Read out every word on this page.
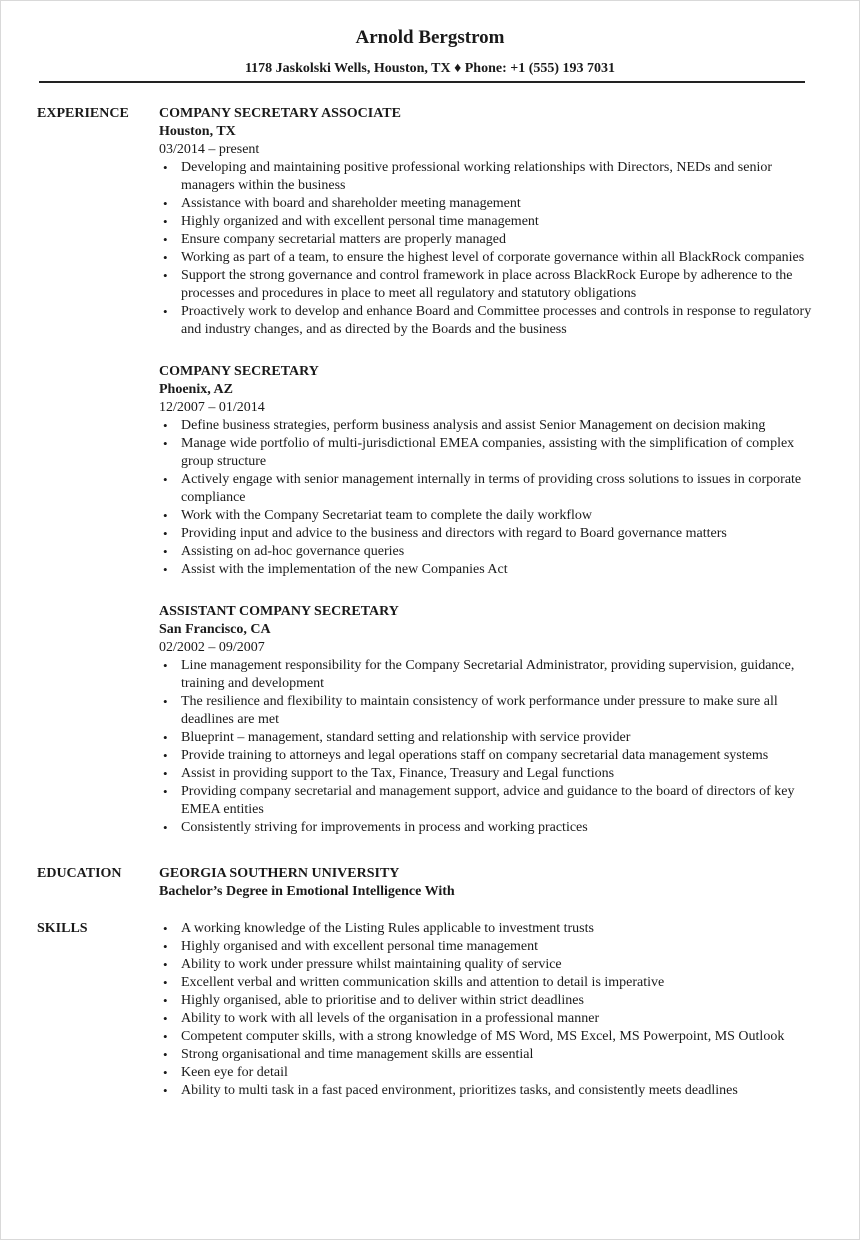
Arnold Bergstrom
1178 Jaskolski Wells, Houston, TX ♦ Phone: +1 (555) 193 7031
EXPERIENCE COMPANY SECRETARY ASSOCIATE
Houston, TX
03/2014 – present
• Developing and maintaining positive professional working relationships with Directors, NEDs and senior managers within the business
• Assistance with board and shareholder meeting management
• Highly organized and with excellent personal time management
• Ensure company secretarial matters are properly managed
• Working as part of a team, to ensure the highest level of corporate governance within all BlackRock companies
• Support the strong governance and control framework in place across BlackRock Europe by adherence to the processes and procedures in place to meet all regulatory and statutory obligations
• Proactively work to develop and enhance Board and Committee processes and controls in response to regulatory and industry changes, and as directed by the Boards and the business
COMPANY SECRETARY
Phoenix, AZ
12/2007 – 01/2014
• Define business strategies, perform business analysis and assist Senior Management on decision making
• Manage wide portfolio of multi-jurisdictional EMEA companies, assisting with the simplification of complex group structure
• Actively engage with senior management internally in terms of providing cross solutions to issues in corporate compliance
• Work with the Company Secretariat team to complete the daily workflow
• Providing input and advice to the business and directors with regard to Board governance matters
• Assisting on ad-hoc governance queries
• Assist with the implementation of the new Companies Act
ASSISTANT COMPANY SECRETARY
San Francisco, CA
02/2002 – 09/2007
• Line management responsibility for the Company Secretarial Administrator, providing supervision, guidance, training and development
• The resilience and flexibility to maintain consistency of work performance under pressure to make sure all deadlines are met
• Blueprint – management, standard setting and relationship with service provider
• Provide training to attorneys and legal operations staff on company secretarial data management systems
• Assist in providing support to the Tax, Finance, Treasury and Legal functions
• Providing company secretarial and management support, advice and guidance to the board of directors of key EMEA entities
• Consistently striving for improvements in process and working practices
EDUCATION	GEORGIA SOUTHERN UNIVERSITY
Bachelor’s Degree in Emotional Intelligence With
SKILLS
•	A working knowledge of the Listing Rules applicable to investment trusts
• Highly organised and with excellent personal time management
• Ability to work under pressure whilst maintaining quality of service
• Excellent verbal and written communication skills and attention to detail is imperative
• Highly organised, able to prioritise and to deliver within strict deadlines
• Ability to work with all levels of the organisation in a professional manner
• Competent computer skills, with a strong knowledge of MS Word, MS Excel, MS Powerpoint, MS Outlook
• Strong organisational and time management skills are essential
• Keen eye for detail
• Ability to multi task in a fast paced environment, prioritizes tasks, and consistently meets deadlines
